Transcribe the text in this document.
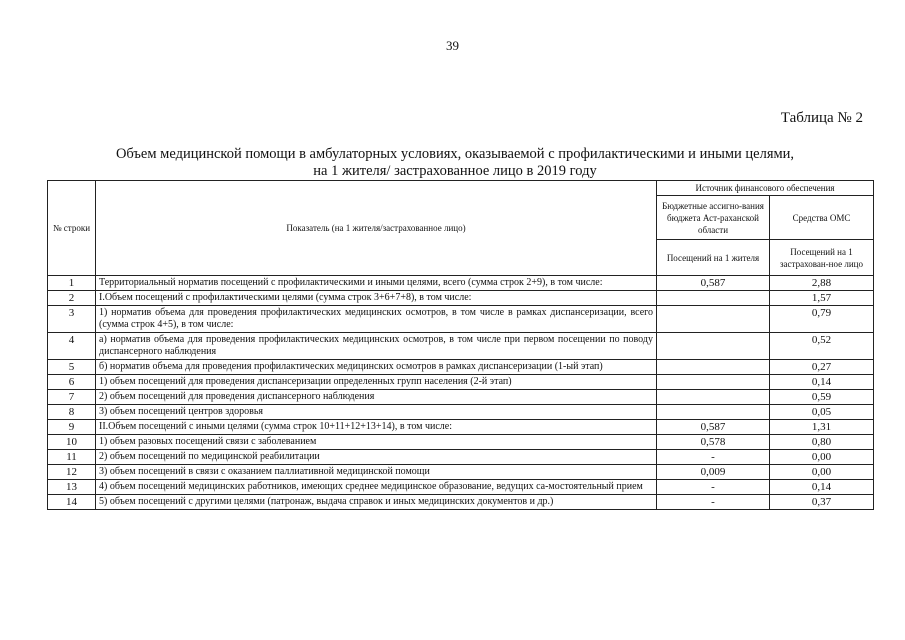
39
Таблица № 2
Объем медицинской помощи в амбулаторных условиях, оказываемой с профилактическими и иными целями,
на 1 жителя/ застрахованное лицо в 2019 году
№ строки	Показатель (на 1 жителя/застрахованное лицо)	Источник финансового обеспечения	
		Бюджетные ассигно-вания бюджета Аст-раханской области	Средства ОМС
		Посещений на 1 жителя	Посещений на 1 застрахован-ное лицо
1	Территориальный норматив посещений с профилактическими и иными целями, всего (сумма строк 2+9), в том числе:	0,587	2,88
2	I.Объем посещений с профилактическими целями (сумма строк 3+6+7+8), в том числе:		1,57
3	1) норматив объема для проведения профилактических медицинских осмотров, в том числе в рамках диспансеризации, всего (сумма строк 4+5), в том числе:		0,79
4	а) норматив объема для проведения профилактических медицинских осмотров, в том числе при первом посещении по поводу диспансерного наблюдения		0,52
5	б) норматив объема для проведения профилактических медицинских осмотров в рамках диспансеризации (1-ый этап)		0,27
6	1) объем посещений для проведения диспансеризации определенных групп населения (2-й этап)		0,14
7	2) объем посещений для проведения диспансерного наблюдения		0,59
8	3) объем посещений центров здоровья		0,05
9	II.Объем посещений с иными целями (сумма строк 10+11+12+13+14), в том числе:	0,587	1,31
10	1) объем разовых посещений связи с заболеванием	0,578	0,80
11	2) объем посещений по медицинской реабилитации	-	0,00
12	3) объем посещений в связи с оказанием паллиативной медицинской помощи	0,009	0,00
13	4) объем посещений медицинских работников, имеющих среднее медицинское образование, ведущих са-мостоятельный прием	-	0,14
14	5) объем посещений с другими целями (патронаж, выдача справок и иных медицинских документов и др.)	-	0,37
